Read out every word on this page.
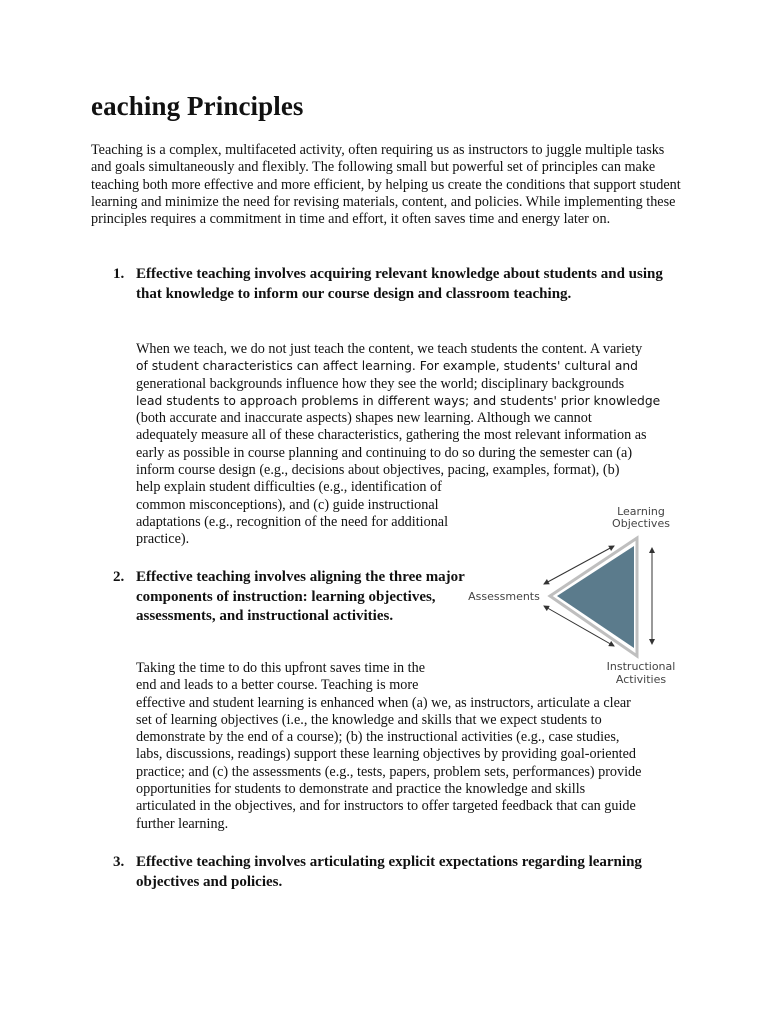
eaching Principles

Teaching is a complex, multifaceted activity, often requiring us as instructors to juggle multiple tasks and goals simultaneously and flexibly. The following small but powerful set of principles can make teaching both more effective and more efficient, by helping us create the conditions that support student learning and minimize the need for revising materials, content, and policies. While implementing these principles requires a commitment in time and effort, it often saves time and energy later on.

1. Effective teaching involves acquiring relevant knowledge about students and using that knowledge to inform our course design and classroom teaching.

When we teach, we do not just teach the content, we teach students the content. A variety
of student characteristics can affect learning. For example, students' cultural and
generational backgrounds influence how they see the world; disciplinary backgrounds
lead students to approach problems in different ways; and students' prior knowledge
(both accurate and inaccurate aspects) shapes new learning. Although we cannot
adequately measure all of these characteristics, gathering the most relevant information as
early as possible in course planning and continuing to do so during the semester can (a)
inform course design (e.g., decisions about objectives, pacing, examples, format), (b)
help explain student difficulties (e.g., identification of
common misconceptions), and (c) guide instructional
adaptations (e.g., recognition of the need for additional
practice).
2. Effective teaching involves aligning the three major components of instruction: learning objectives, assessments, and instructional activities.

Taking the time to do this upfront saves time in the
end and leads to a better course. Teaching is more
effective and student learning is enhanced when (a) we, as instructors, articulate a clear
set of learning objectives (i.e., the knowledge and skills that we expect students to
demonstrate by the end of a course); (b) the instructional activities (e.g., case studies,
labs, discussions, readings) support these learning objectives by providing goal-oriented
practice; and (c) the assessments (e.g., tests, papers, problem sets, performances) provide
opportunities for students to demonstrate and practice the knowledge and skills
articulated in the objectives, and for instructors to offer targeted feedback that can guide
further learning.
3. Effective teaching involves articulating explicit expectations regarding learning objectives and policies.

Learning
Objectives
Assessments
Instructional
Activities
